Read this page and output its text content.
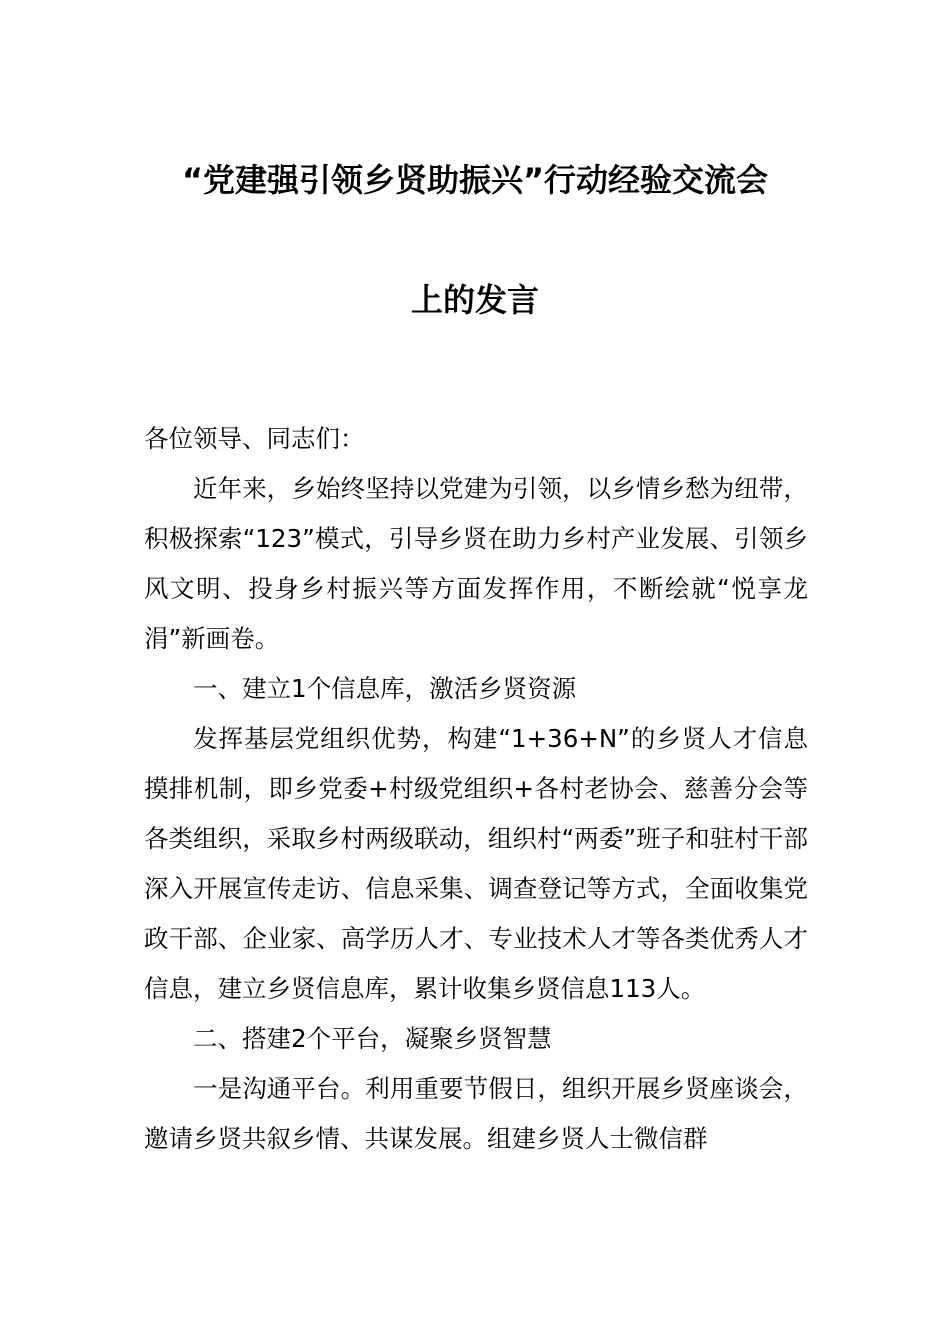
“党建强引领乡贤助振兴”行动经验交流会
上的发言

各位领导、同志们：

近年来，乡始终坚持以党建为引领，以乡情乡愁为纽带，积极探索“123”模式，引导乡贤在助力乡村产业发展、引领乡风文明、投身乡村振兴等方面发挥作用，不断绘就“悦享龙涓”新画卷。

一、建立1个信息库，激活乡贤资源

发挥基层党组织优势，构建“1+36+N”的乡贤人才信息摸排机制，即乡党委+村级党组织+各村老协会、慈善分会等各类组织，采取乡村两级联动，组织村“两委”班子和驻村干部深入开展宣传走访、信息采集、调查登记等方式，全面收集党政干部、企业家、高学历人才、专业技术人才等各类优秀人才信息，建立乡贤信息库，累计收集乡贤信息113人。

二、搭建2个平台，凝聚乡贤智慧

一是沟通平台。利用重要节假日，组织开展乡贤座谈会，邀请乡贤共叙乡情、共谋发展。组建乡贤人士微信群
